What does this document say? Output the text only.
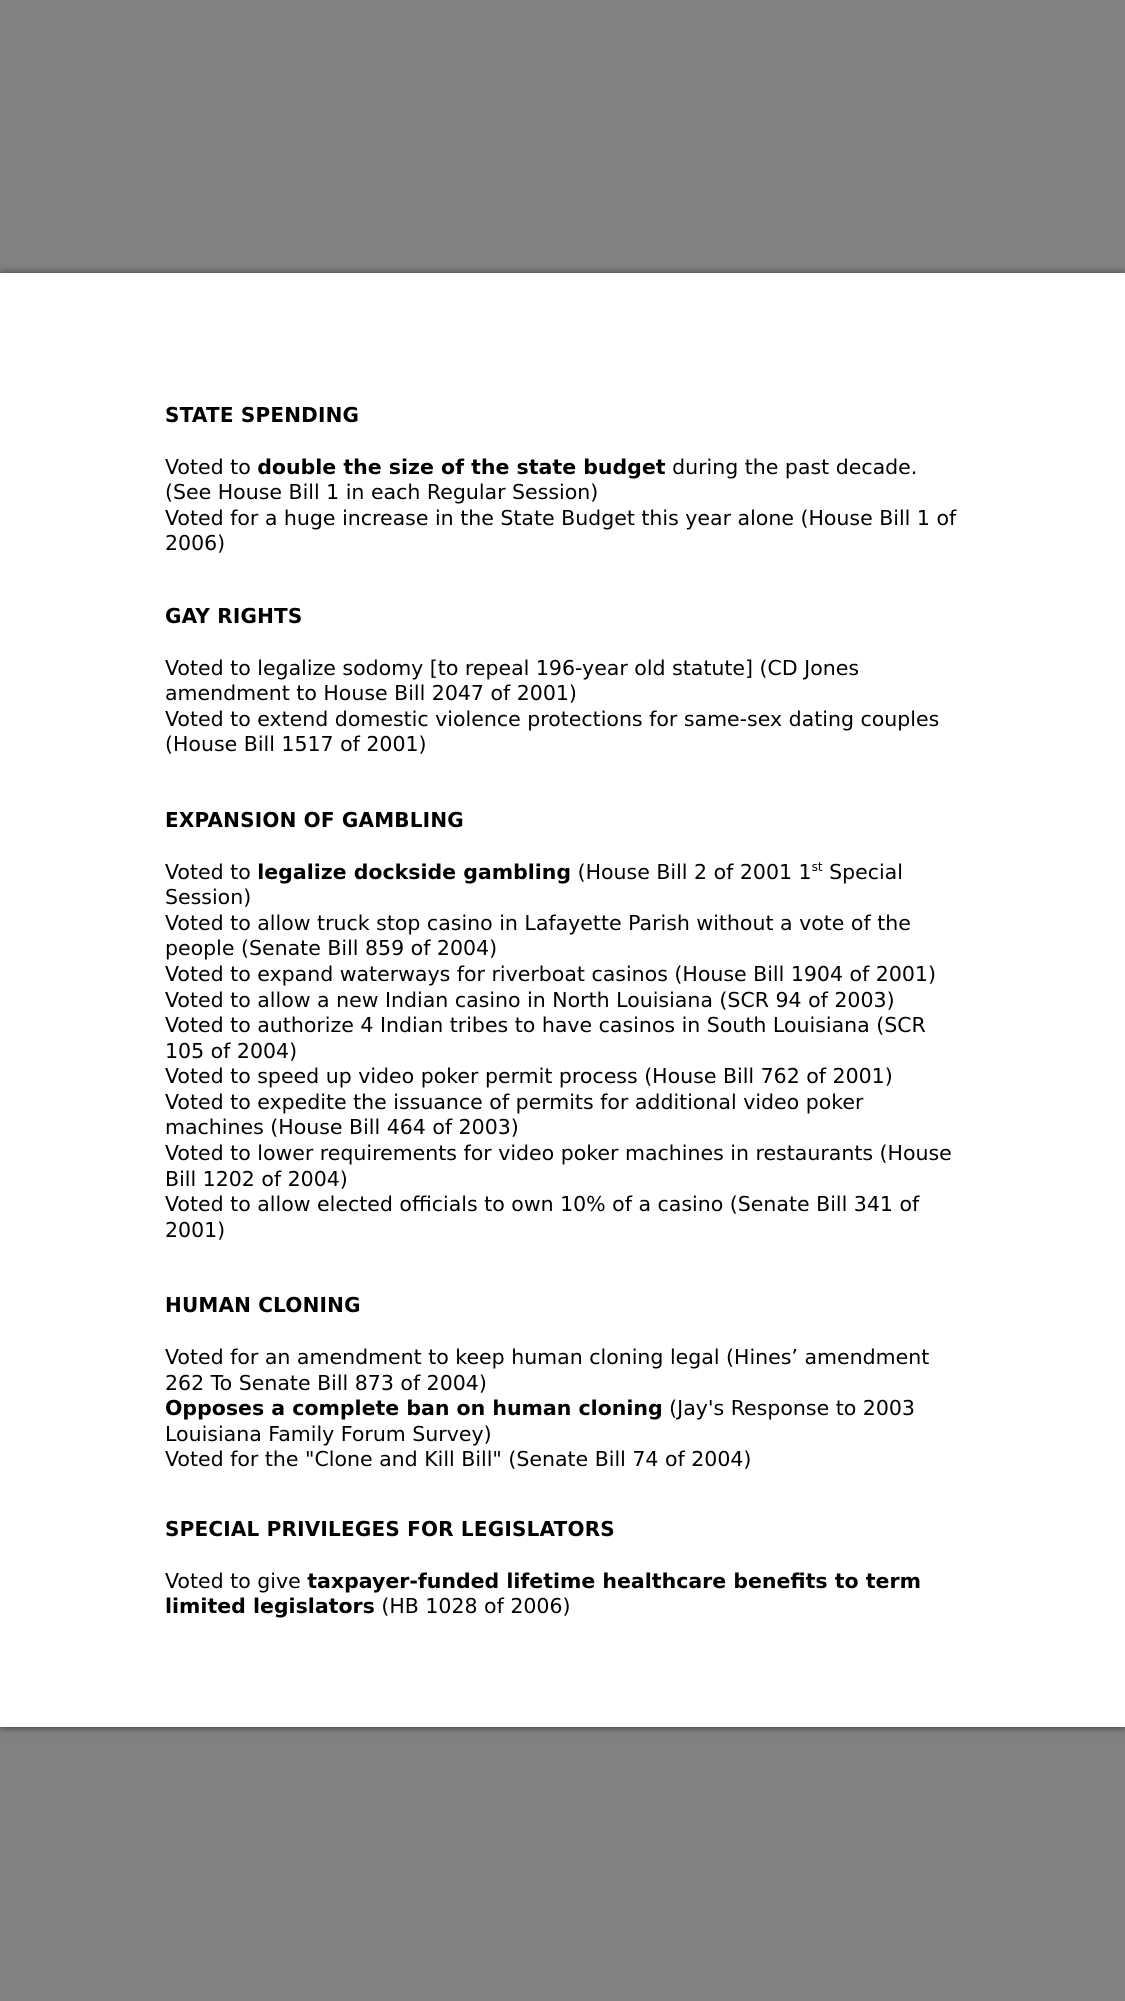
STATE SPENDING
Voted to double the size of the state budget during the past decade. (See House Bill 1 in each Regular Session)
Voted for a huge increase in the State Budget this year alone (House Bill 1 of 2006)
GAY RIGHTS
Voted to legalize sodomy [to repeal 196-year old statute] (CD Jones amendment to House Bill 2047 of 2001)
Voted to extend domestic violence protections for same-sex dating couples (House Bill 1517 of 2001)
EXPANSION OF GAMBLING
Voted to legalize dockside gambling (House Bill 2 of 2001 1st Special Session)
Voted to allow truck stop casino in Lafayette Parish without a vote of the people (Senate Bill 859 of 2004)
Voted to expand waterways for riverboat casinos (House Bill 1904 of 2001)
Voted to allow a new Indian casino in North Louisiana (SCR 94 of 2003)
Voted to authorize 4 Indian tribes to have casinos in South Louisiana (SCR 105 of 2004)
Voted to speed up video poker permit process (House Bill 762 of 2001)
Voted to expedite the issuance of permits for additional video poker machines (House Bill 464 of 2003)
Voted to lower requirements for video poker machines in restaurants (House Bill 1202 of 2004)
Voted to allow elected officials to own 10% of a casino (Senate Bill 341 of 2001)
HUMAN CLONING
Voted for an amendment to keep human cloning legal (Hines’ amendment 262 To Senate Bill 873 of 2004)
Opposes a complete ban on human cloning (Jay's Response to 2003 Louisiana Family Forum Survey)
Voted for the "Clone and Kill Bill" (Senate Bill 74 of 2004)
SPECIAL PRIVILEGES FOR LEGISLATORS
Voted to give taxpayer-funded lifetime healthcare benefits to term limited legislators (HB 1028 of 2006)
